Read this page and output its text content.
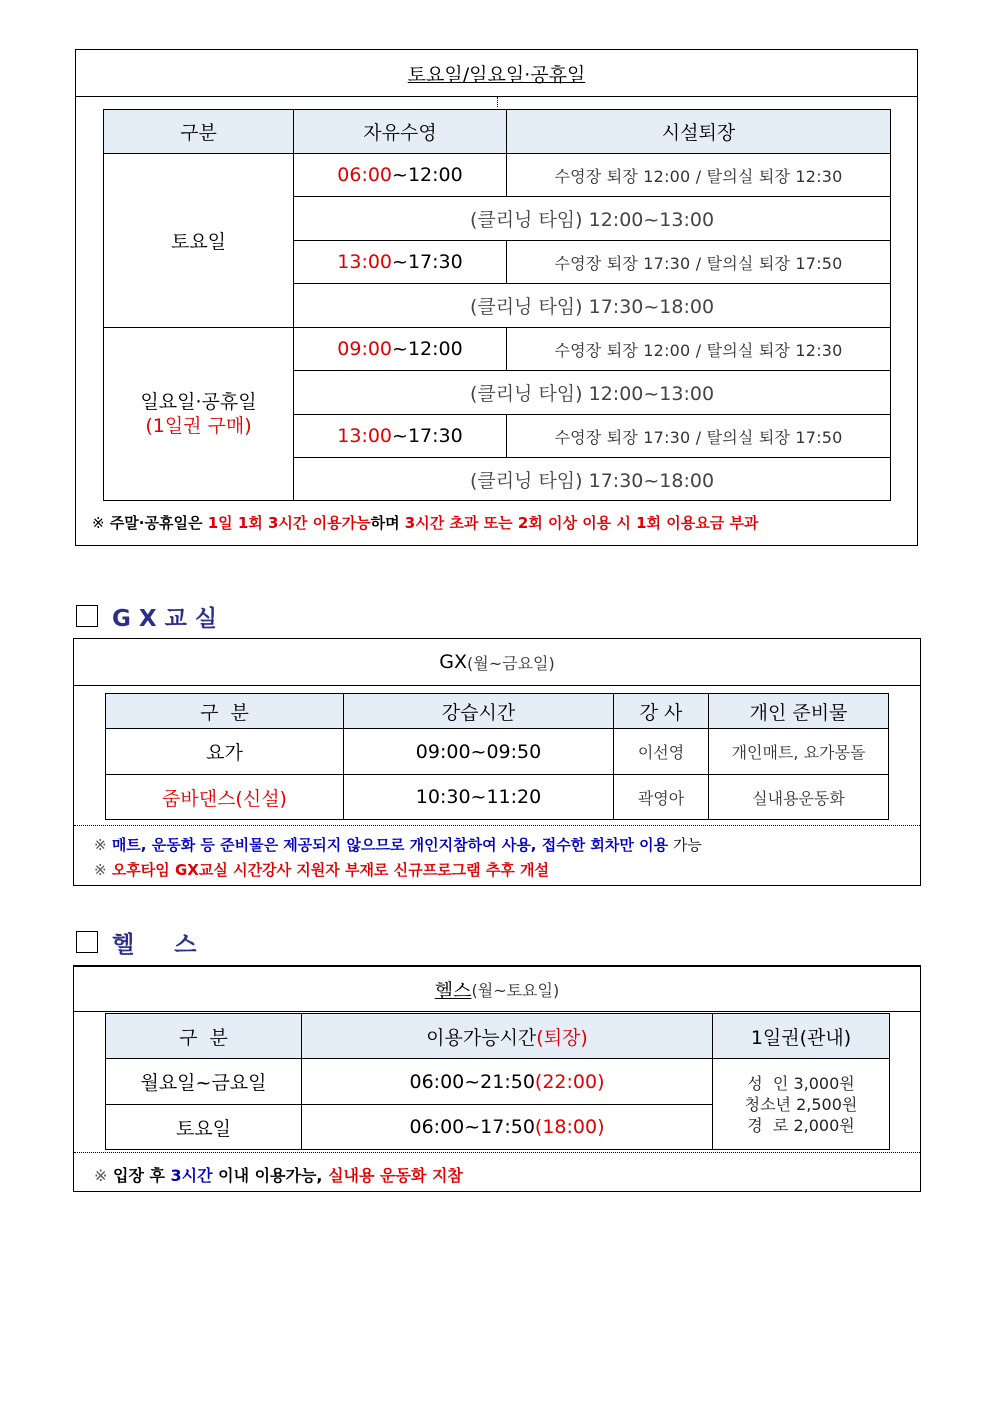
토요일/일요일·공휴일
구분	자유수영	시설퇴장
토요일	06:00~12:00	수영장 퇴장 12:00 / 탈의실 퇴장 12:30
	(클리닝 타임) 12:00~13:00	
	13:00~17:30	수영장 퇴장 17:30 / 탈의실 퇴장 17:50
	(클리닝 타임) 17:30~18:00	

일요일·공휴일
(1일권 구매)	09:00~12:00	수영장 퇴장 12:00 / 탈의실 퇴장 12:30
	(클리닝 타임) 12:00~13:00	
	13:00~17:30	수영장 퇴장 17:30 / 탈의실 퇴장 17:50
	(클리닝 타임) 17:30~18:00	
※ 주말·공휴일은 1일 1회 3시간 이용가능하며 3시간 초과 또는 2회 이상 이용 시 1회 이용요금 부과
G X 교 실
GX (월~금요일)
구  분	강습시간	강 사	개인 준비물
요가	09:00~09:50	이선영	개인매트, 요가몽돌
줌바댄스(신설)	10:30~11:20	곽영아	실내용운동화
※ 매트, 운동화 등 준비물은 제공되지 않으므로 개인지참하여 사용, 접수한 회차만 이용 가능
※ 오후타임 GX교실 시간강사 지원자 부재로 신규프로그램 추후 개설
헬     스
헬스 (월~토요일)
구  분	이용가능시간(퇴장)	1일권(관내)
월요일~금요일	06:00~21:50(22:00)	성  인 3,000원
청소년 2,500원
경  로 2,000원

토요일	06:00~17:50(18:00)	
※ 입장 후 3시간 이내 이용가능, 실내용 운동화 지참
